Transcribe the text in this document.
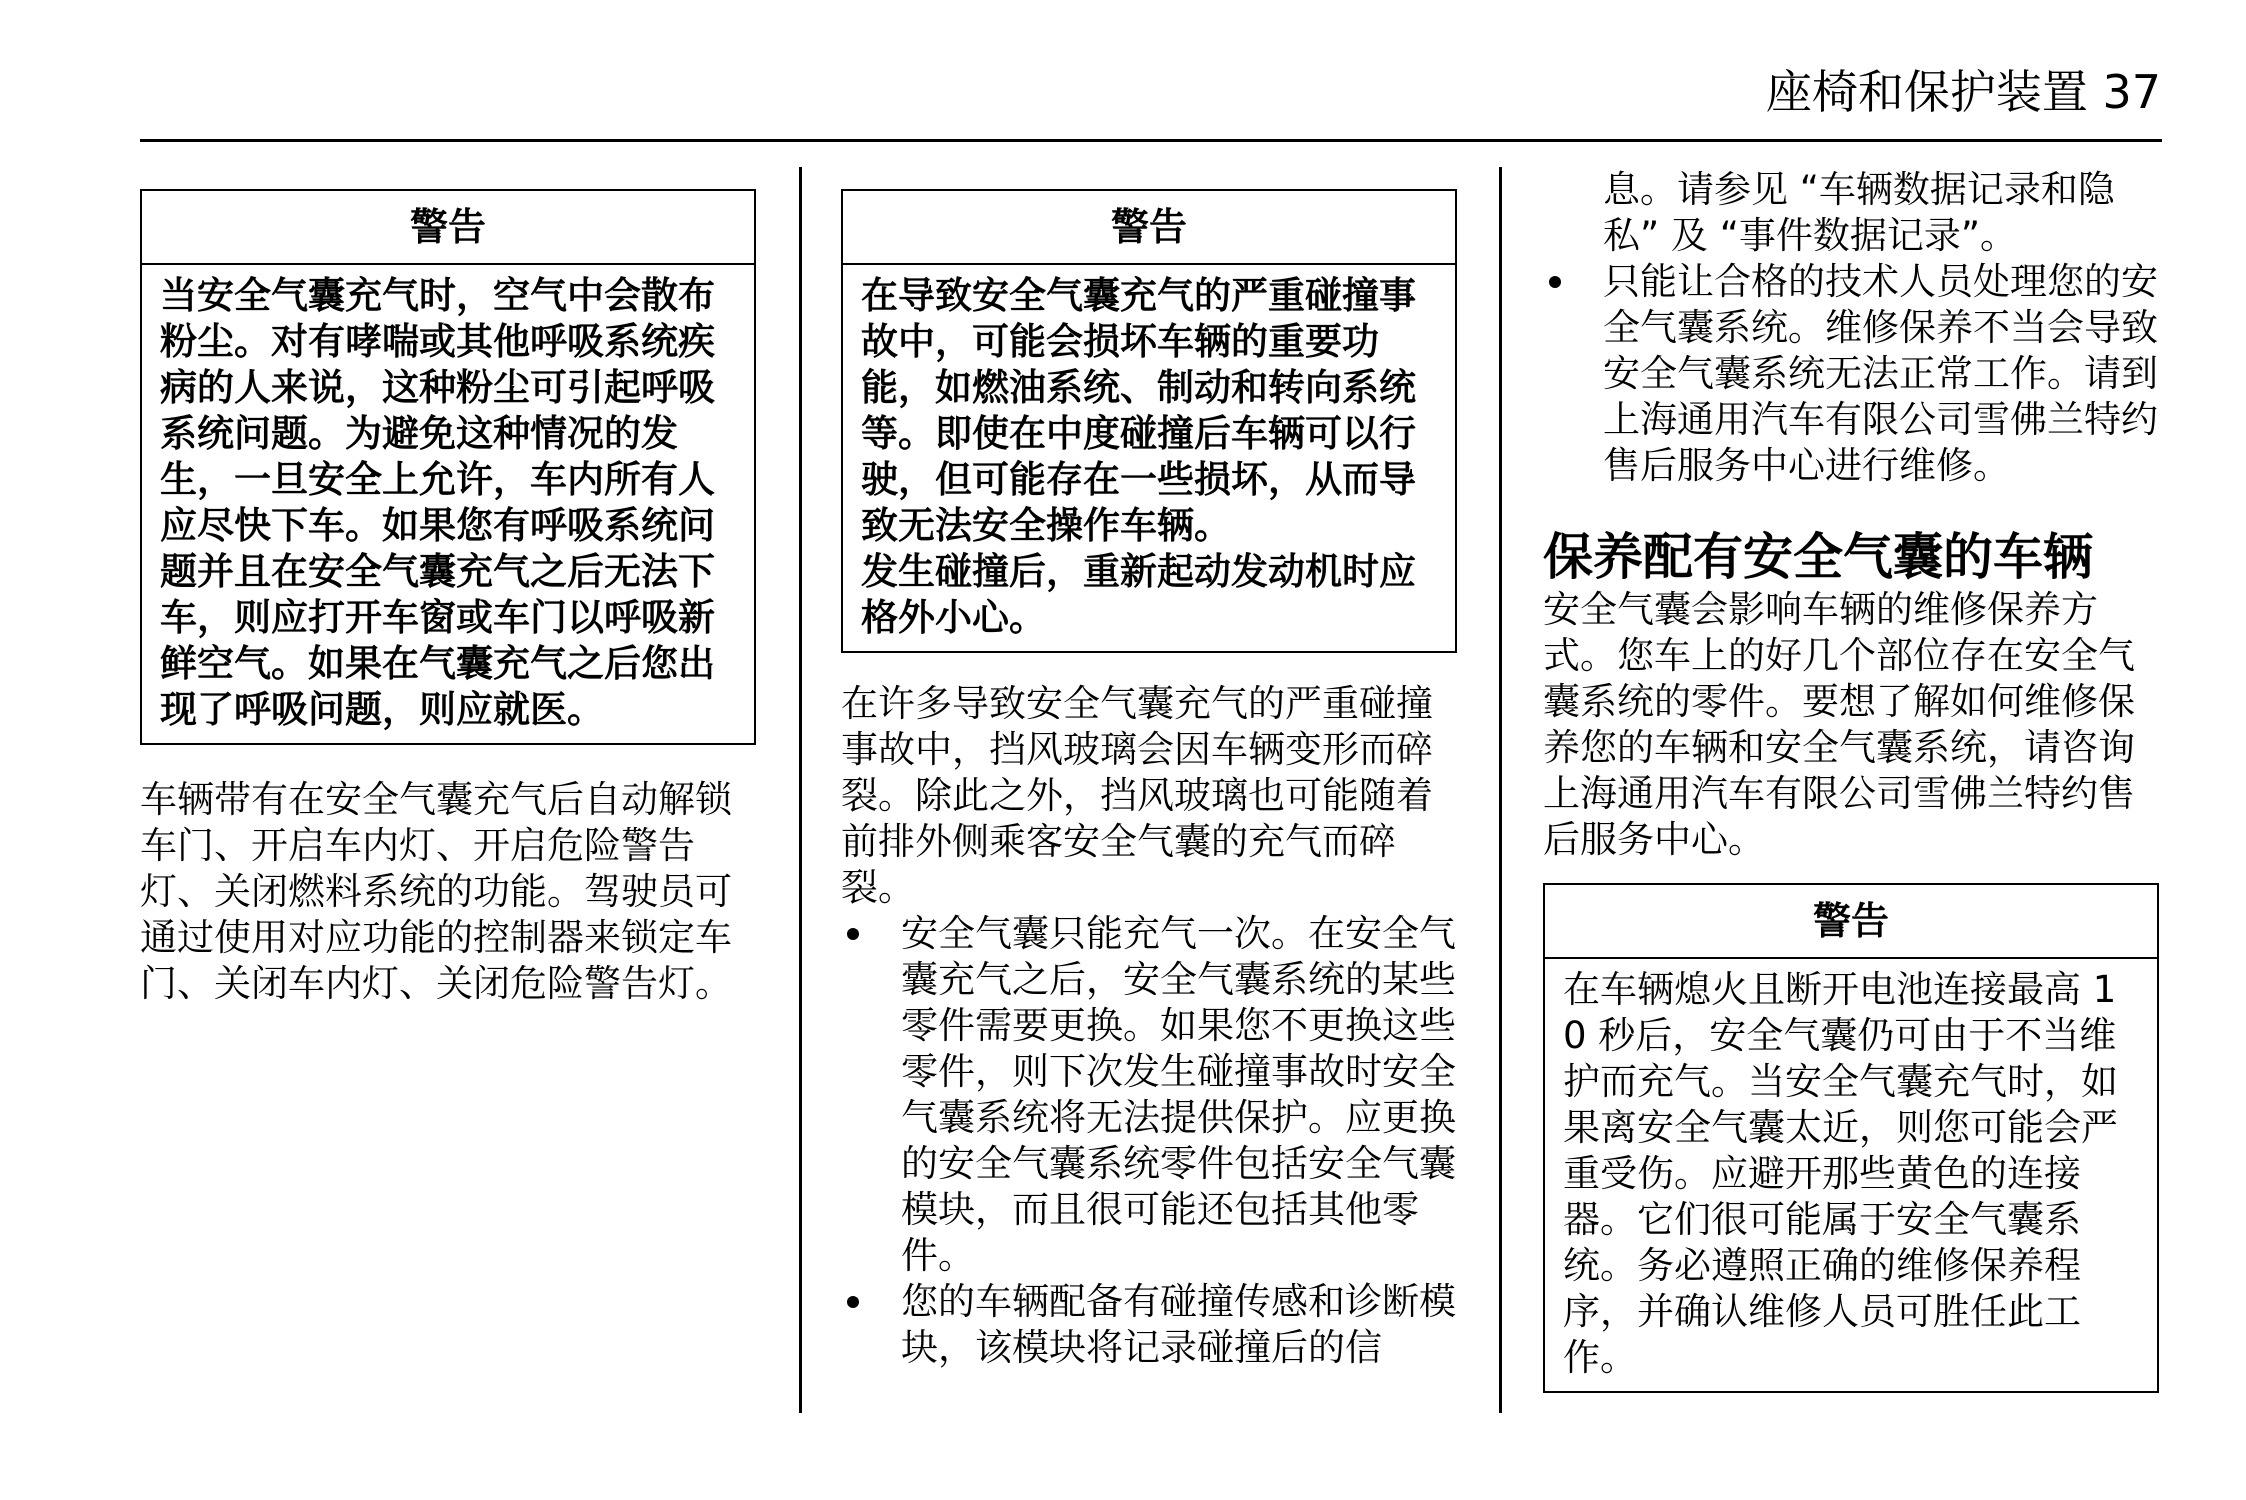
座椅和保护装置 37
警告

当安全气囊充气时，空气中会散布粉尘。对有哮喘或其他呼吸系统疾病的人来说，这种粉尘可引起呼吸系统问题。为避免这种情况的发生，一旦安全上允许，车内所有人应尽快下车。如果您有呼吸系统问题并且在安全气囊充气之后无法下车，则应打开车窗或车门以呼吸新鲜空气。如果在气囊充气之后您出现了呼吸问题，则应就医。

车辆带有在安全气囊充气后自动解锁车门、开启车内灯、开启危险警告灯、关闭燃料系统的功能。驾驶员可通过使用对应功能的控制器来锁定车门、关闭车内灯、关闭危险警告灯。

警告

在导致安全气囊充气的严重碰撞事故中，可能会损坏车辆的重要功能，如燃油系统、制动和转向系统等。即使在中度碰撞后车辆可以行驶，但可能存在一些损坏，从而导致无法安全操作车辆。

发生碰撞后，重新起动发动机时应格外小心。

在许多导致安全气囊充气的严重碰撞事故中，挡风玻璃会因车辆变形而碎裂。除此之外，挡风玻璃也可能随着前排外侧乘客安全气囊的充气而碎裂。

安全气囊只能充气一次。在安全气囊充气之后，安全气囊系统的某些零件需要更换。如果您不更换这些零件，则下次发生碰撞事故时安全气囊系统将无法提供保护。应更换的安全气囊系统零件包括安全气囊模块，而且很可能还包括其他零件。
您的车辆配备有碰撞传感和诊断模块，该模块将记录碰撞后的信
息。请参见 “车辆数据记录和隐私” 及 “事件数据记录”。
只能让合格的技术人员处理您的安全气囊系统。维修保养不当会导致安全气囊系统无法正常工作。请到上海通用汽车有限公司雪佛兰特约售后服务中心进行维修。
保养配有安全气囊的车辆

安全气囊会影响车辆的维修保养方式。您车上的好几个部位存在安全气囊系统的零件。要想了解如何维修保养您的车辆和安全气囊系统，请咨询上海通用汽车有限公司雪佛兰特约售后服务中心。

警告

在车辆熄火且断开电池连接最高 10 秒后，安全气囊仍可由于不当维护而充气。当安全气囊充气时，如果离安全气囊太近，则您可能会严重受伤。应避开那些黄色的连接器。它们很可能属于安全气囊系统。务必遵照正确的维修保养程序，并确认维修人员可胜任此工作。
